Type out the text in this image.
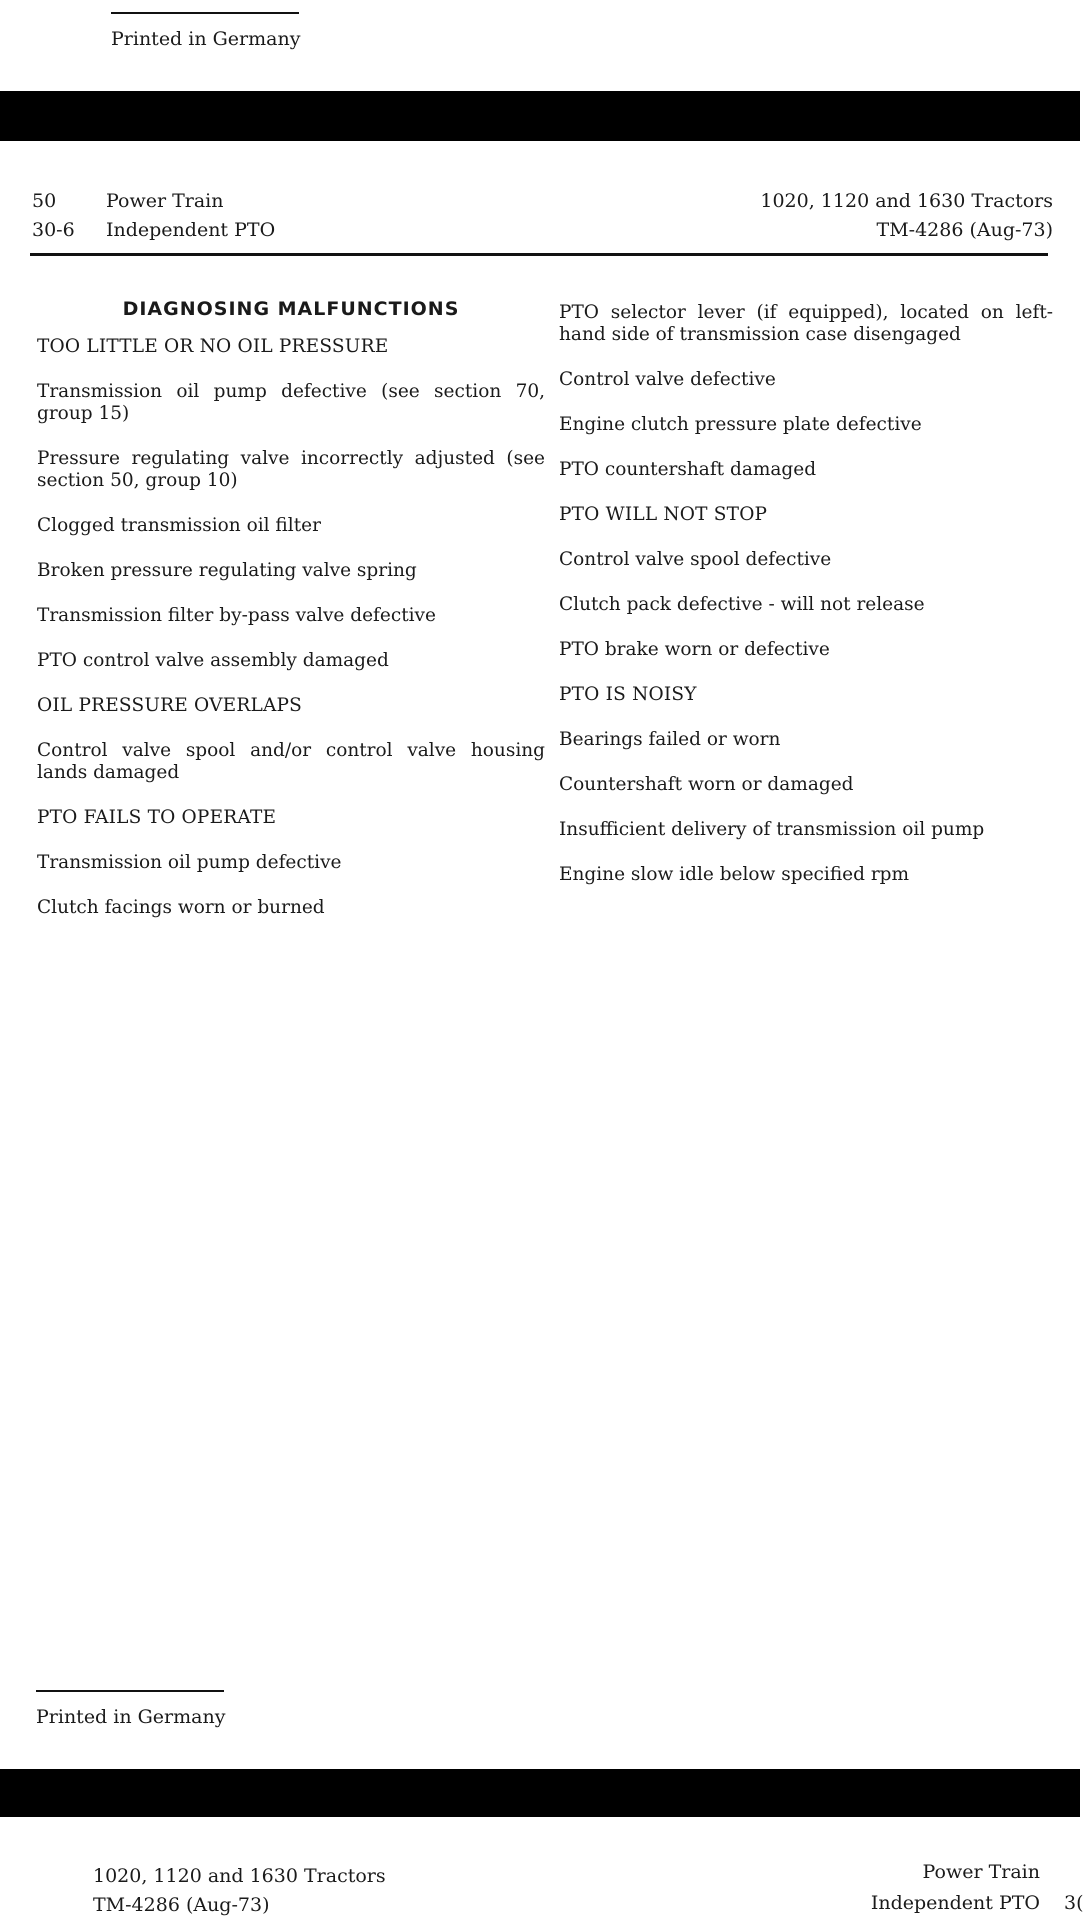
Printed in Germany
50	Power Train
30-6 Independent PTO
1020, 1120 and 1630 Tractors
TM-4286 (Aug-73)
DIAGNOSING MALFUNCTIONS
TOO LITTLE OR NO OIL PRESSURE
Transmission oil pump defective (see section 70, group 15)
Pressure regulating valve incorrectly adjusted (see section 50, group 10)
Clogged transmission oil filter
Broken pressure regulating valve spring
Transmission filter by-pass valve defective
PTO control valve assembly damaged
OIL PRESSURE OVERLAPS
Control valve spool and/or control valve housing lands damaged
PTO FAILS TO OPERATE
Transmission oil pump defective
Clutch facings worn or burned
PTO selector lever (if equipped), located on left-hand side of transmission case disengaged
Control valve defective
Engine clutch pressure plate defective
PTO countershaft damaged
PTO WILL NOT STOP
Control valve spool defective
Clutch pack defective - will not release
PTO brake worn or defective
PTO IS NOISY
Bearings failed or worn
Countershaft worn or damaged
Insufficient delivery of transmission oil pump
Engine slow idle below specified rpm
Printed in Germany
1020, 1120 and 1630 Tractors
TM-4286 (Aug-73)
Power Train
Independent PTO 3(
